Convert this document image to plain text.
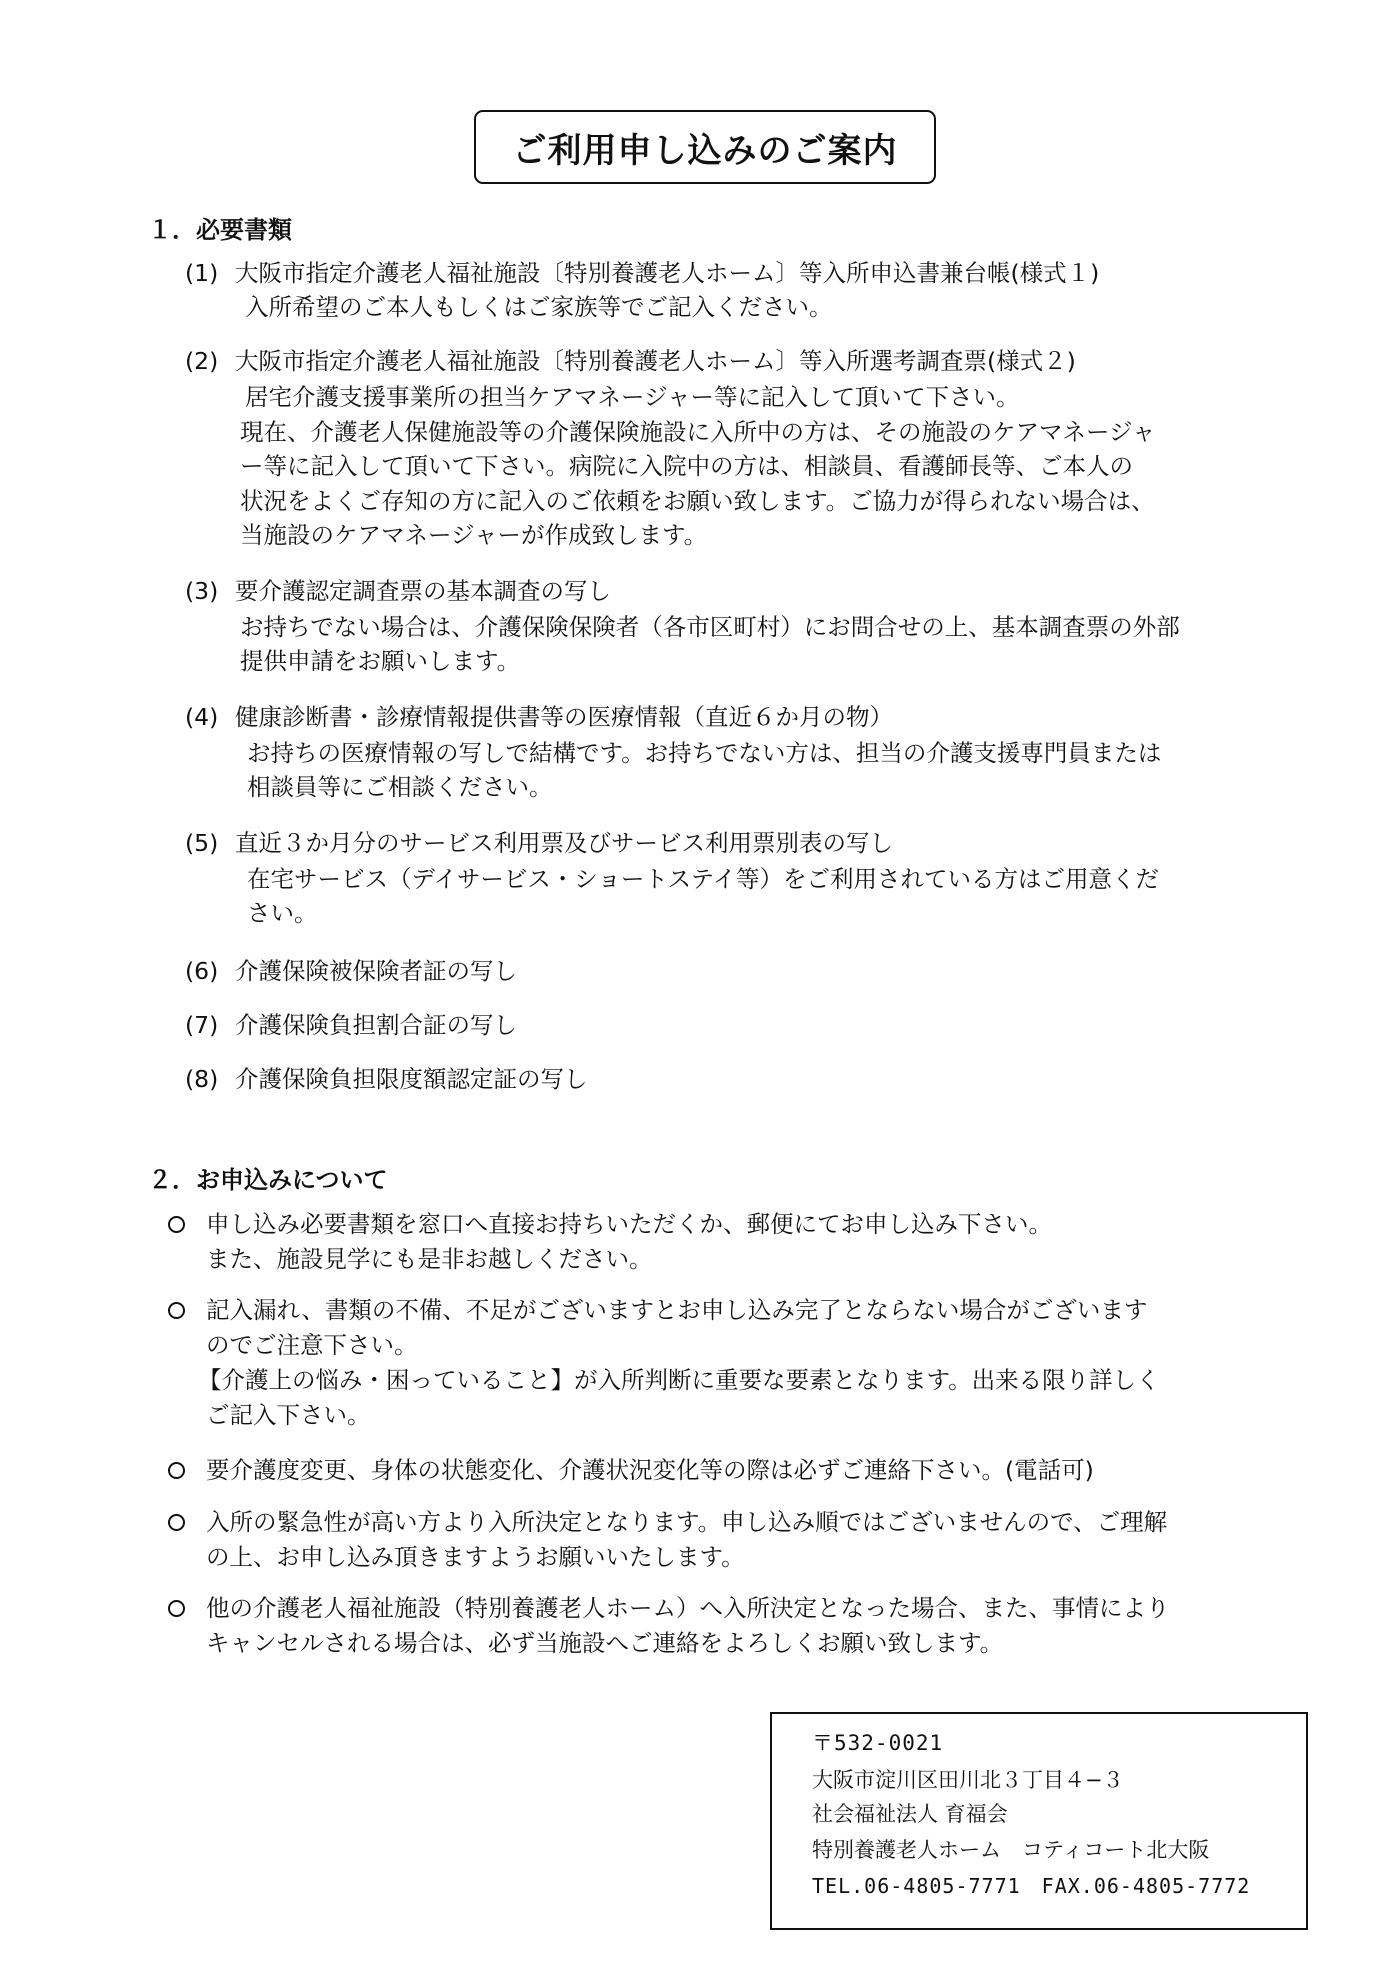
ご利用申し込みのご案内
１．必要書類
(1) 大阪市指定介護老人福祉施設〔特別養護老人ホーム〕等入所申込書兼台帳(様式１)
入所希望のご本人もしくはご家族等でご記入ください。
(2) 大阪市指定介護老人福祉施設〔特別養護老人ホーム〕等入所選考調査票(様式２)
居宅介護支援事業所の担当ケアマネージャー等に記入して頂いて下さい。
現在、介護老人保健施設等の介護保険施設に入所中の方は、その施設のケアマネージャ
ー等に記入して頂いて下さい。病院に入院中の方は、相談員、看護師長等、ご本人の
状況をよくご存知の方に記入のご依頼をお願い致します。ご協力が得られない場合は、
当施設のケアマネージャーが作成致します。
(3) 要介護認定調査票の基本調査の写し
お持ちでない場合は、介護保険保険者（各市区町村）にお問合せの上、基本調査票の外部
提供申請をお願いします。
(4) 健康診断書・診療情報提供書等の医療情報（直近６か月の物）
お持ちの医療情報の写しで結構です。お持ちでない方は、担当の介護支援専門員または
相談員等にご相談ください。
(5) 直近３か月分のサービス利用票及びサービス利用票別表の写し
在宅サービス（デイサービス・ショートステイ等）をご利用されている方はご用意くだ
さい。
(6) 介護保険被保険者証の写し
(7) 介護保険負担割合証の写し
(8) 介護保険負担限度額認定証の写し
２．お申込みについて
申し込み必要書類を窓口へ直接お持ちいただくか、郵便にてお申し込み下さい。
また、施設見学にも是非お越しください。
記入漏れ、書類の不備、不足がございますとお申し込み完了とならない場合がございます
のでご注意下さい。
【介護上の悩み・困っていること】が入所判断に重要な要素となります。出来る限り詳しく
ご記入下さい。
要介護度変更、身体の状態変化、介護状況変化等の際は必ずご連絡下さい。(電話可)
入所の緊急性が高い方より入所決定となります。申し込み順ではございませんので、ご理解
の上、お申し込み頂きますようお願いいたします。
他の介護老人福祉施設（特別養護老人ホーム）へ入所決定となった場合、また、事情により
キャンセルされる場合は、必ず当施設へご連絡をよろしくお願い致します。
〒532-0021
大阪市淀川区田川北３丁目４−３
社会福祉法人 育福会
特別養護老人ホーム　コティコート北大阪
TEL.06-4805-7771　FAX.06-4805-7772
